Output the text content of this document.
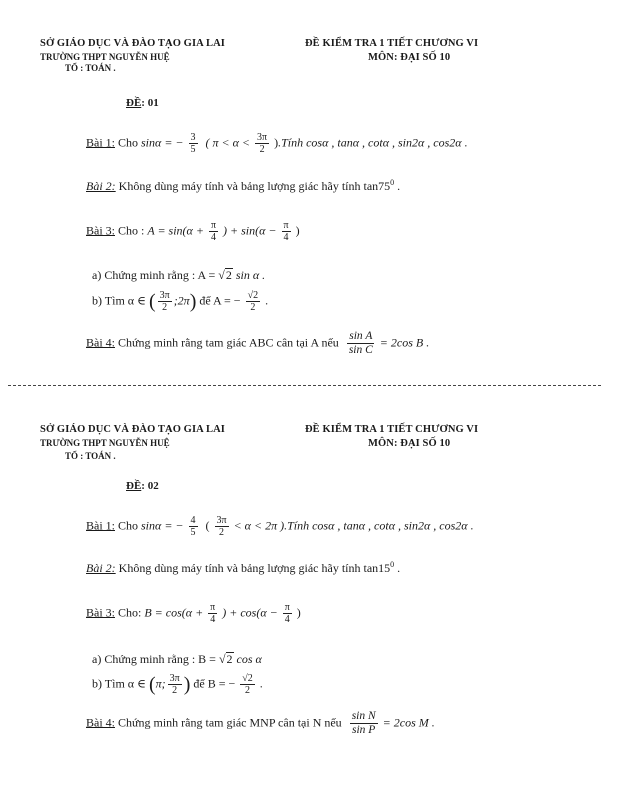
SỞ GIÁO DỤC VÀ ĐÀO TẠO GIA LAI
TRƯỜNG THPT NGUYỄN HUỆ
TỔ : TOÁN .
ĐỀ KIỂM TRA 1 TIẾT CHƯƠNG VI
MÔN: ĐẠI SỐ 10
ĐỀ: 01
Bài 1: Cho sinα = − $\frac{3}{5}$ ( $\pi < \alpha < \frac{3\pi}{2}$ ).Tính cosα , tanα , cotα , sin2α , cos2α .
Bài 2: Không dùng máy tính và bảng lượng giác hãy tính $\tan 75^0$ .
Bài 3: Cho : $A = \sin(\alpha + \frac{\pi}{4}$ ) + $\sin(\alpha - \frac{\pi}{4}$ )
a) Chứng minh rằng : A = √2 sin α .
b) Tìm α ∈ ( $\frac{3\pi}{2}$ ;2π) để A = − $\frac{√2}{2}$ .
Bài 4: Chứng minh rằng tam giác ABC cân tại A nếu $\frac{\text{sin A}}{\text{sin C}} = 2\cos$ B .
SỞ GIÁO DỤC VÀ ĐÀO TẠO GIA LAI
TRƯỜNG THPT NGUYỄN HUỆ
TỔ : TOÁN .
ĐỀ KIỂM TRA 1 TIẾT CHƯƠNG VI
MÔN: ĐẠI SỐ 10
ĐỀ: 02
Bài 1: Cho sinα = − $\frac{4}{5}$ ( $\frac{3\pi}{2} < \alpha < 2\pi$ ).Tính cosα , tanα , cotα , sin2α , cos2α .
Bài 2: Không dùng máy tính và bảng lượng giác hãy tính $\tan 15^0$ .
Bài 3: Cho: $B = \cos(\alpha + \frac{\pi}{4}$ ) + $\cos(\alpha - \frac{\pi}{4}$ )
a) Chứng minh rằng : B = √2 cos α
b) Tìm α ∈ (π; $\frac{3\pi}{2}$ ) để B = − $\frac{√2}{2}$ .
Bài 4: Chứng minh rằng tam giác MNP cân tại N nếu $\frac{\text{sin N}}{\text{sin P}} = 2\cos$ M .
